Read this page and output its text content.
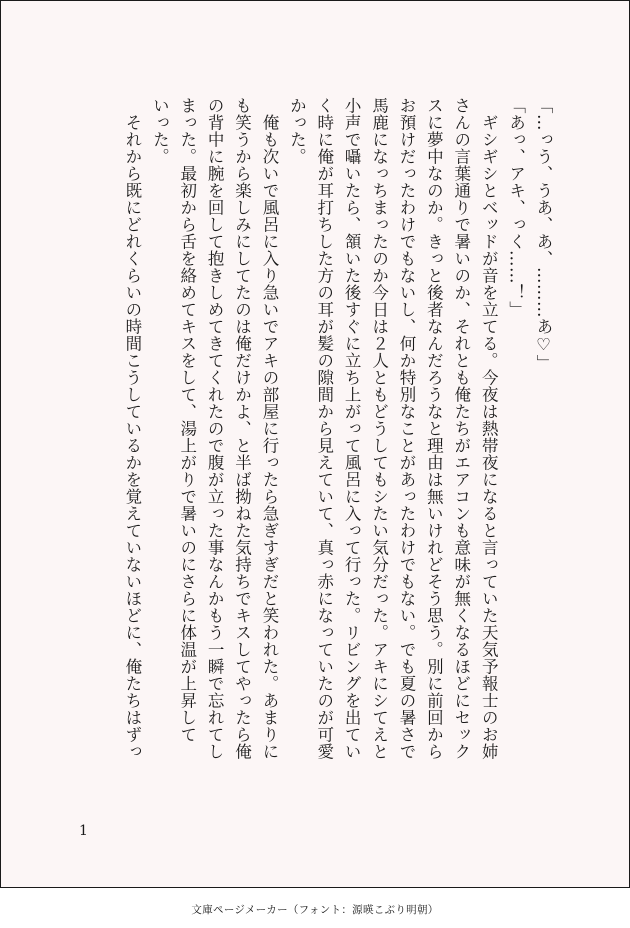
「…っう、うあ、あ、………あ♡」
「あっ、アキ、っく……！」
　ギシギシとベッドが音を立てる。今夜は熱帯夜になると言っていた天気予報士のお姉
さんの言葉通りで暑いのか、それとも俺たちがエアコンも意味が無くなるほどにセック
スに夢中なのか。きっと後者なんだろうなと理由は無いけれどそう思う。別に前回から
お預けだったわけでもないし、何か特別なことがあったわけでもない。でも夏の暑さで
馬鹿になっちまったのか今日は２人ともどうしてもシたい気分だった。アキにシてえと
小声で囁いたら、頷いた後すぐに立ち上がって風呂に入って行った。リビングを出てい
く時に俺が耳打ちした方の耳が髪の隙間から見えていて、真っ赤になっていたのが可愛
かった。
　俺も次いで風呂に入り急いでアキの部屋に行ったら急ぎすぎだと笑われた。あまりに
も笑うから楽しみにしてたのは俺だけかよ、と半ば拗ねた気持ちでキスしてやったら俺
の背中に腕を回して抱きしめてきてくれたので腹が立った事なんかもう一瞬で忘れてし
まった。最初から舌を絡めてキスをして、湯上がりで暑いのにさらに体温が上昇して
いった。
　それから既にどれくらいの時間こうしているかを覚えていないほどに、俺たちはずっ
1
文庫ページメーカー（フォント：源暎こぶり明朝）
